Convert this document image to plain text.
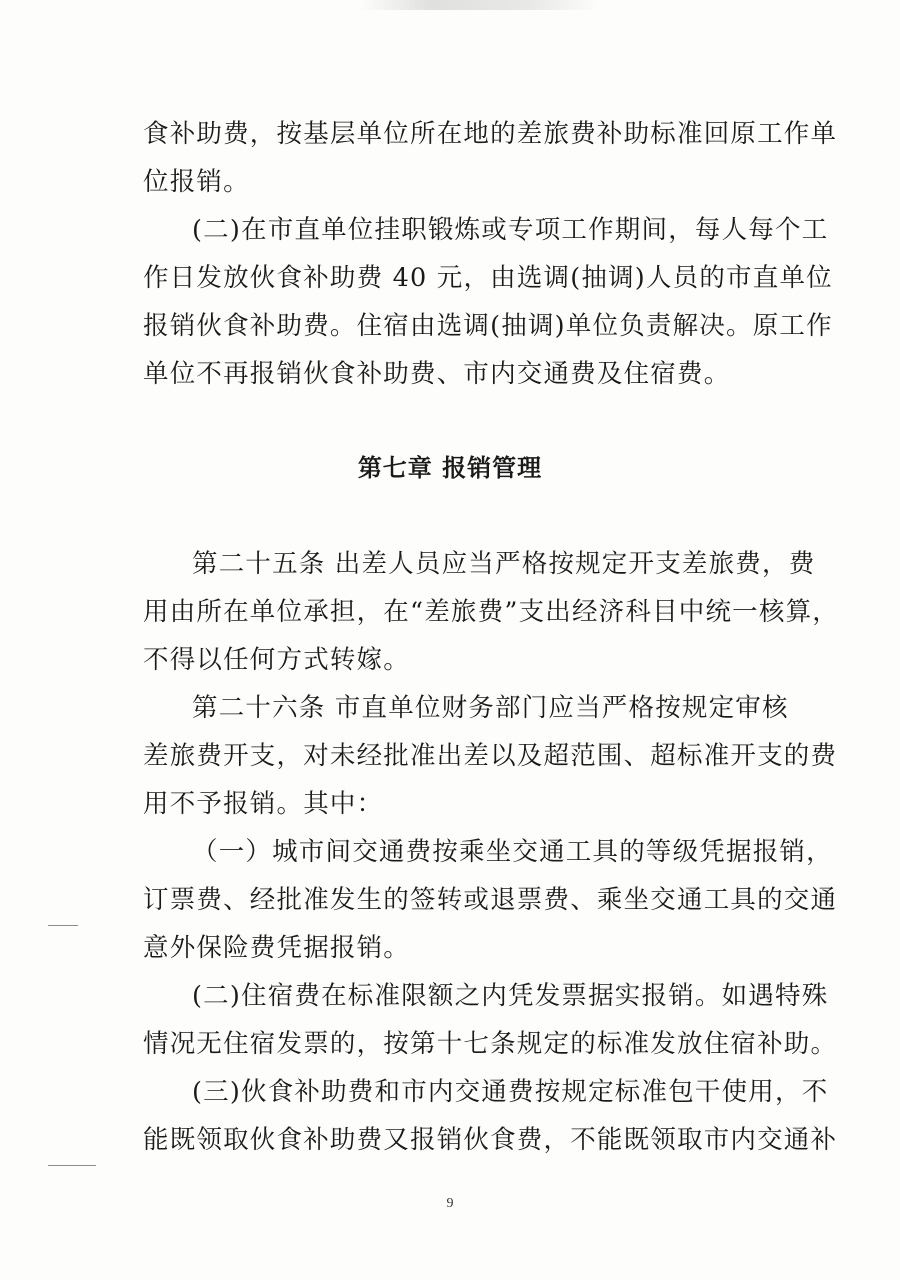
食补助费，按基层单位所在地的差旅费补助标准回原工作单
位报销。
(二)在市直单位挂职锻炼或专项工作期间，每人每个工
作日发放伙食补助费 40 元，由选调(抽调)人员的市直单位
报销伙食补助费。住宿由选调(抽调)单位负责解决。原工作
单位不再报销伙食补助费、市内交通费及住宿费。
第七章 报销管理
第二十五条 出差人员应当严格按规定开支差旅费，费
用由所在单位承担，在“差旅费”支出经济科目中统一核算，
不得以任何方式转嫁。
第二十六条 市直单位财务部门应当严格按规定审核
差旅费开支，对未经批准出差以及超范围、超标准开支的费
用不予报销。其中：
（一）城市间交通费按乘坐交通工具的等级凭据报销，
订票费、经批准发生的签转或退票费、乘坐交通工具的交通
意外保险费凭据报销。
(二)住宿费在标准限额之内凭发票据实报销。如遇特殊
情况无住宿发票的，按第十七条规定的标准发放住宿补助。
(三)伙食补助费和市内交通费按规定标准包干使用，不
能既领取伙食补助费又报销伙食费，不能既领取市内交通补
9
